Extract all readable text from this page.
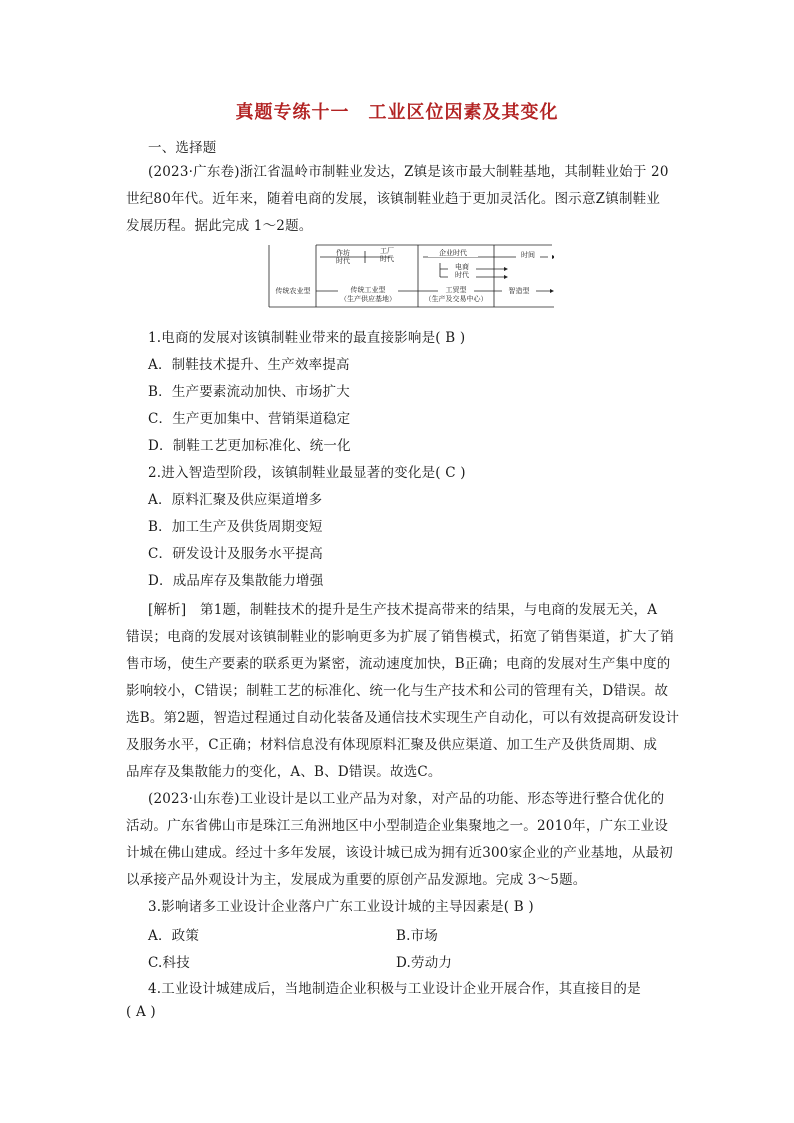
真题专练十一　工业区位因素及其变化
一、选择题
(2023·广东卷)浙江省温岭市制鞋业发达，Z镇是该市最大制鞋基地，其制鞋业始于 20
世纪80年代。近年来，随着电商的发展，该镇制鞋业趋于更加灵活化。图示意Z镇制鞋业
发展历程。据此完成 1～2题。
作坊
时代
工厂
时代
企业时代
电商
时代
时间
传统农业型	传统工业型
（生产供应基地）
工贸型
（生产及交易中心）
智造型
1.电商的发展对该镇制鞋业带来的最直接影响是( B )
A．制鞋技术提升、生产效率提高
B．生产要素流动加快、市场扩大
C．生产更加集中、营销渠道稳定
D．制鞋工艺更加标准化、统一化
2.进入智造型阶段，该镇制鞋业最显著的变化是( C )
A．原料汇聚及供应渠道增多
B．加工生产及供货周期变短
C．研发设计及服务水平提高
D．成品库存及集散能力增强
[解析]　第1题，制鞋技术的提升是生产技术提高带来的结果，与电商的发展无关，A
错误；电商的发展对该镇制鞋业的影响更多为扩展了销售模式，拓宽了销售渠道，扩大了销
售市场，使生产要素的联系更为紧密，流动速度加快，B正确；电商的发展对生产集中度的
影响较小，C错误；制鞋工艺的标准化、统一化与生产技术和公司的管理有关，D错误。故
选B。第2题，智造过程通过自动化装备及通信技术实现生产自动化，可以有效提高研发设计
及服务水平，C正确；材料信息没有体现原料汇聚及供应渠道、加工生产及供货周期、成
品库存及集散能力的变化，A、B、D错误。故选C。
(2023·山东卷)工业设计是以工业产品为对象，对产品的功能、形态等进行整合优化的
活动。广东省佛山市是珠江三角洲地区中小型制造企业集聚地之一。2010年，广东工业设
计城在佛山建成。经过十多年发展，该设计城已成为拥有近300家企业的产业基地，从最初
以承接产品外观设计为主，发展成为重要的原创产品发源地。完成 3～5题。
3.影响诸多工业设计企业落户广东工业设计城的主导因素是( B )
A．政策	B.市场
C.科技	D.劳动力
4.工业设计城建成后，当地制造企业积极与工业设计企业开展合作，其直接目的是
( A )
